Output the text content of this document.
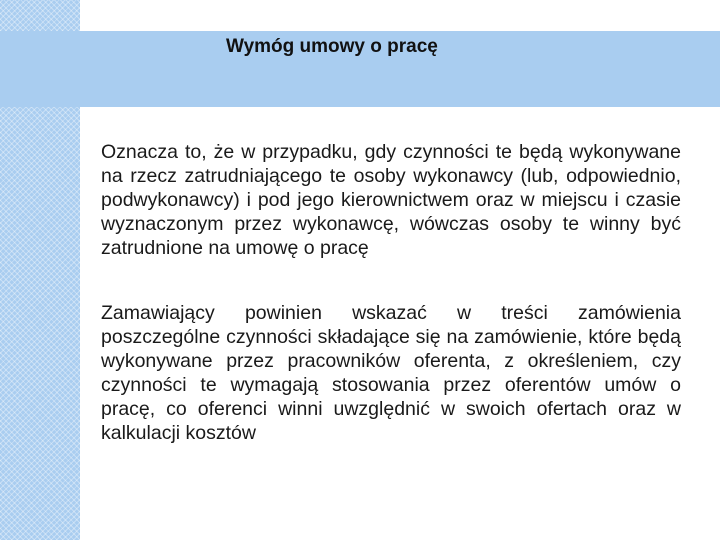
Wymóg umowy o pracę

Oznacza to, że w przypadku, gdy czynności te będą wykonywane na rzecz zatrudniającego te osoby wykonawcy (lub, odpowiednio, podwykonawcy) i pod jego kierownictwem oraz w miejscu i czasie wyznaczonym przez wykonawcę, wówczas osoby te winny być zatrudnione na umowę o pracę

Zamawiający powinien wskazać w treści zamówienia poszczególne czynności składające się na zamówienie, które będą wykonywane przez pracowników oferenta, z określeniem, czy czynności te wymagają stosowania przez oferentów umów o pracę, co oferenci winni uwzględnić w swoich ofertach oraz w kalkulacji kosztów
